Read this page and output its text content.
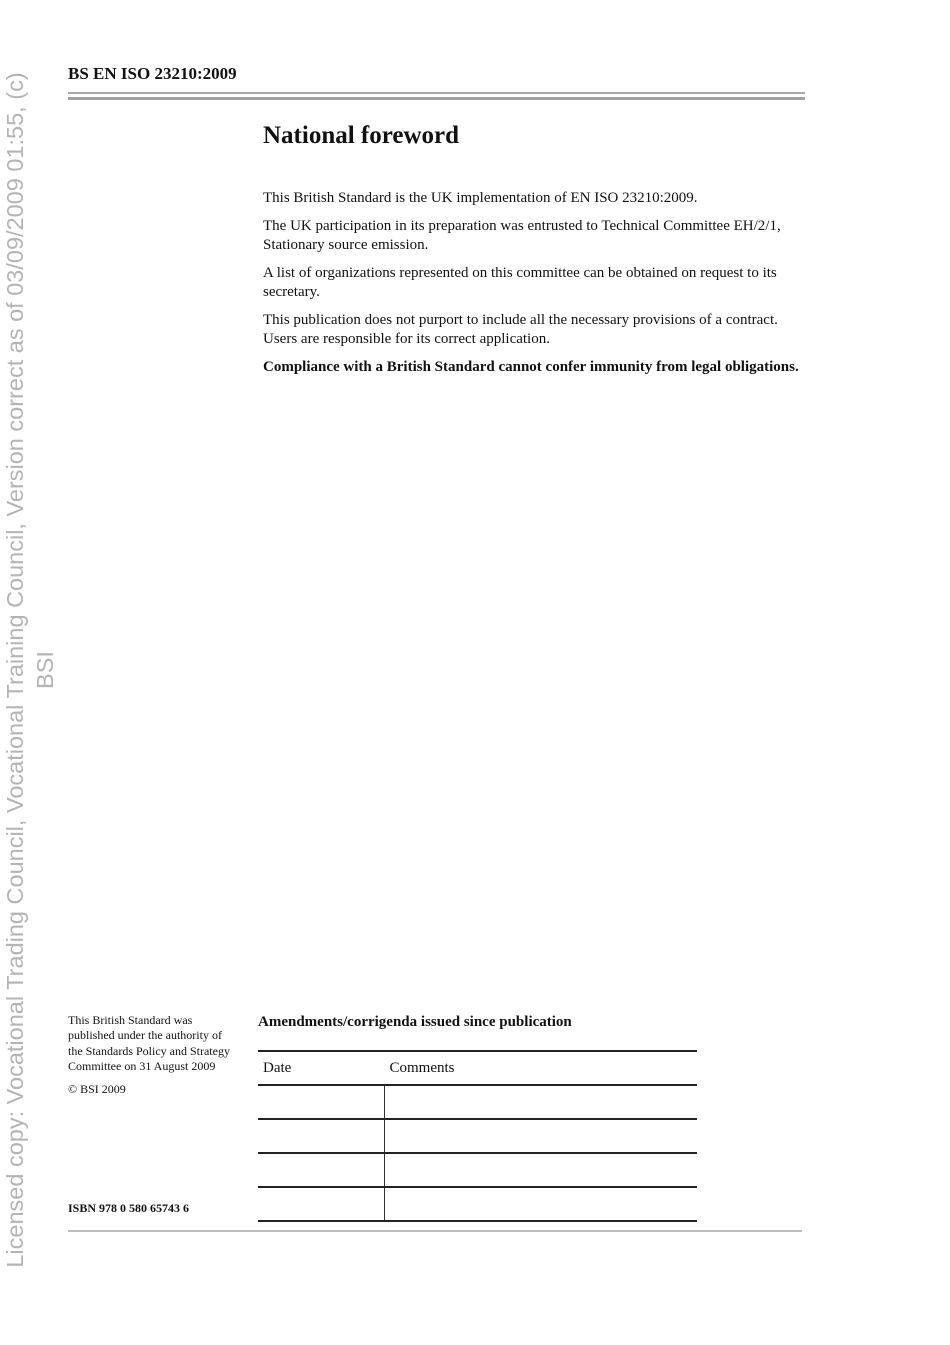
Licensed copy: Vocational Trading Council, Vocational Training Council, Version correct as of 03/09/2009 01:55, (c) BSI
BS EN ISO 23210:2009
National foreword

This British Standard is the UK implementation of EN ISO 23210:2009.

The UK participation in its preparation was entrusted to Technical Committee EH/2/1, Stationary source emission.

A list of organizations represented on this committee can be obtained on request to its secretary.

This publication does not purport to include all the necessary provisions of a contract. Users are responsible for its correct application.

Compliance with a British Standard cannot confer immunity from legal obligations.

This British Standard was published under the authority of the Standards Policy and Strategy Committee on 31 August 2009

© BSI 2009

ISBN 978 0 580 65743 6
Amendments/corrigenda issued since publication
Date	Comments
